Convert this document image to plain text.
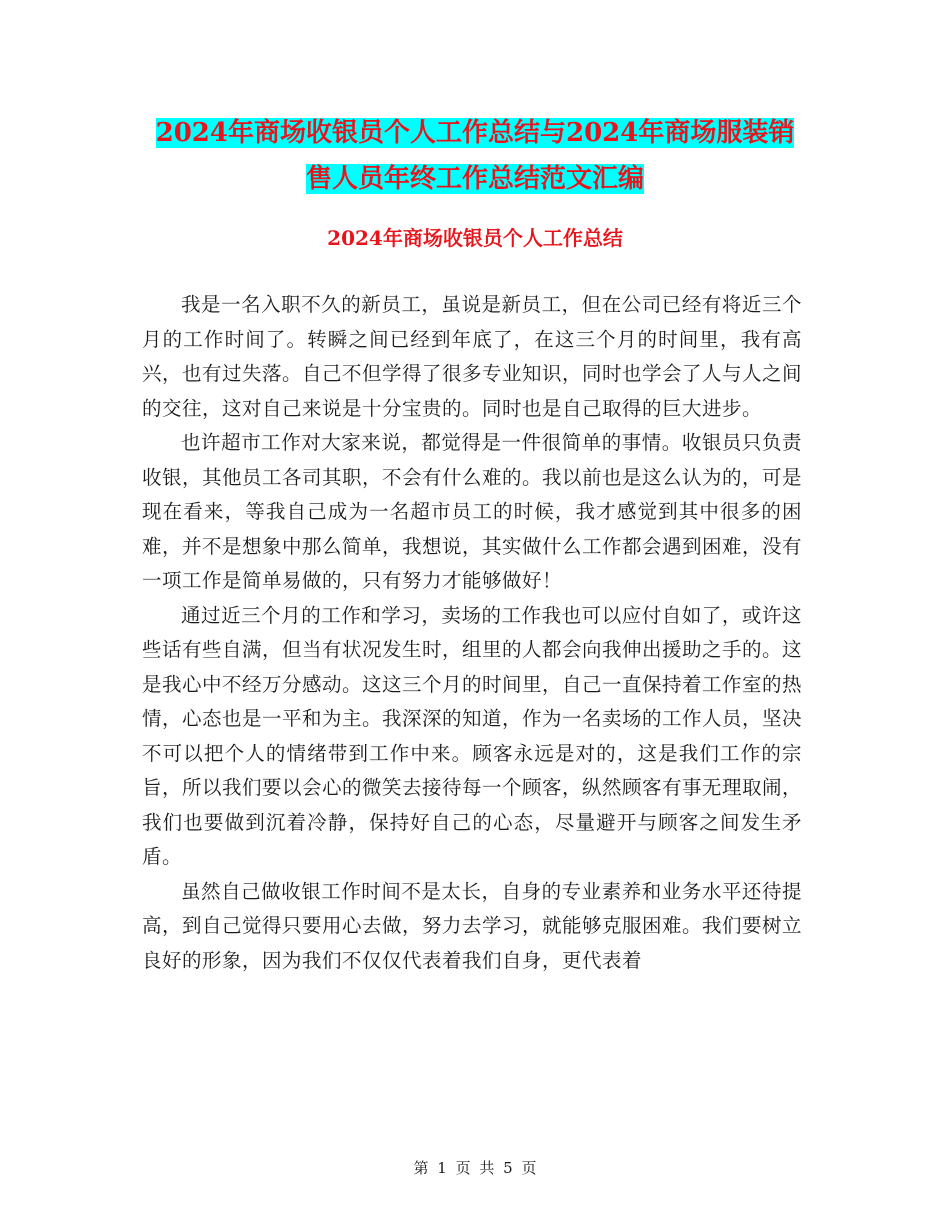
2024年商场收银员个人工作总结与2024年商场服装销
售人员年终工作总结范文汇编
2024年商场收银员个人工作总结

我是一名入职不久的新员工，虽说是新员工，但在公司已经有将近三个月的工作时间了。转瞬之间已经到年底了，在这三个月的时间里，我有高兴，也有过失落。自己不但学得了很多专业知识，同时也学会了人与人之间的交往，这对自己来说是十分宝贵的。同时也是自己取得的巨大进步。

也许超市工作对大家来说，都觉得是一件很简单的事情。收银员只负责收银，其他员工各司其职，不会有什么难的。我以前也是这么认为的，可是现在看来，等我自己成为一名超市员工的时候，我才感觉到其中很多的困难，并不是想象中那么简单，我想说，其实做什么工作都会遇到困难，没有一项工作是简单易做的，只有努力才能够做好！

通过近三个月的工作和学习，卖场的工作我也可以应付自如了，或许这些话有些自满，但当有状况发生时，组里的人都会向我伸出援助之手的。这是我心中不经万分感动。这这三个月的时间里，自己一直保持着工作室的热情，心态也是一平和为主。我深深的知道，作为一名卖场的工作人员，坚决不可以把个人的情绪带到工作中来。顾客永远是对的，这是我们工作的宗旨，所以我们要以会心的微笑去接待每一个顾客，纵然顾客有事无理取闹，我们也要做到沉着冷静，保持好自己的心态，尽量避开与顾客之间发生矛盾。

虽然自己做收银工作时间不是太长，自身的专业素养和业务水平还待提高，到自己觉得只要用心去做，努力去学习，就能够克服困难。我们要树立良好的形象，因为我们不仅仅代表着我们自身，更代表着

第 1 页 共 5 页
